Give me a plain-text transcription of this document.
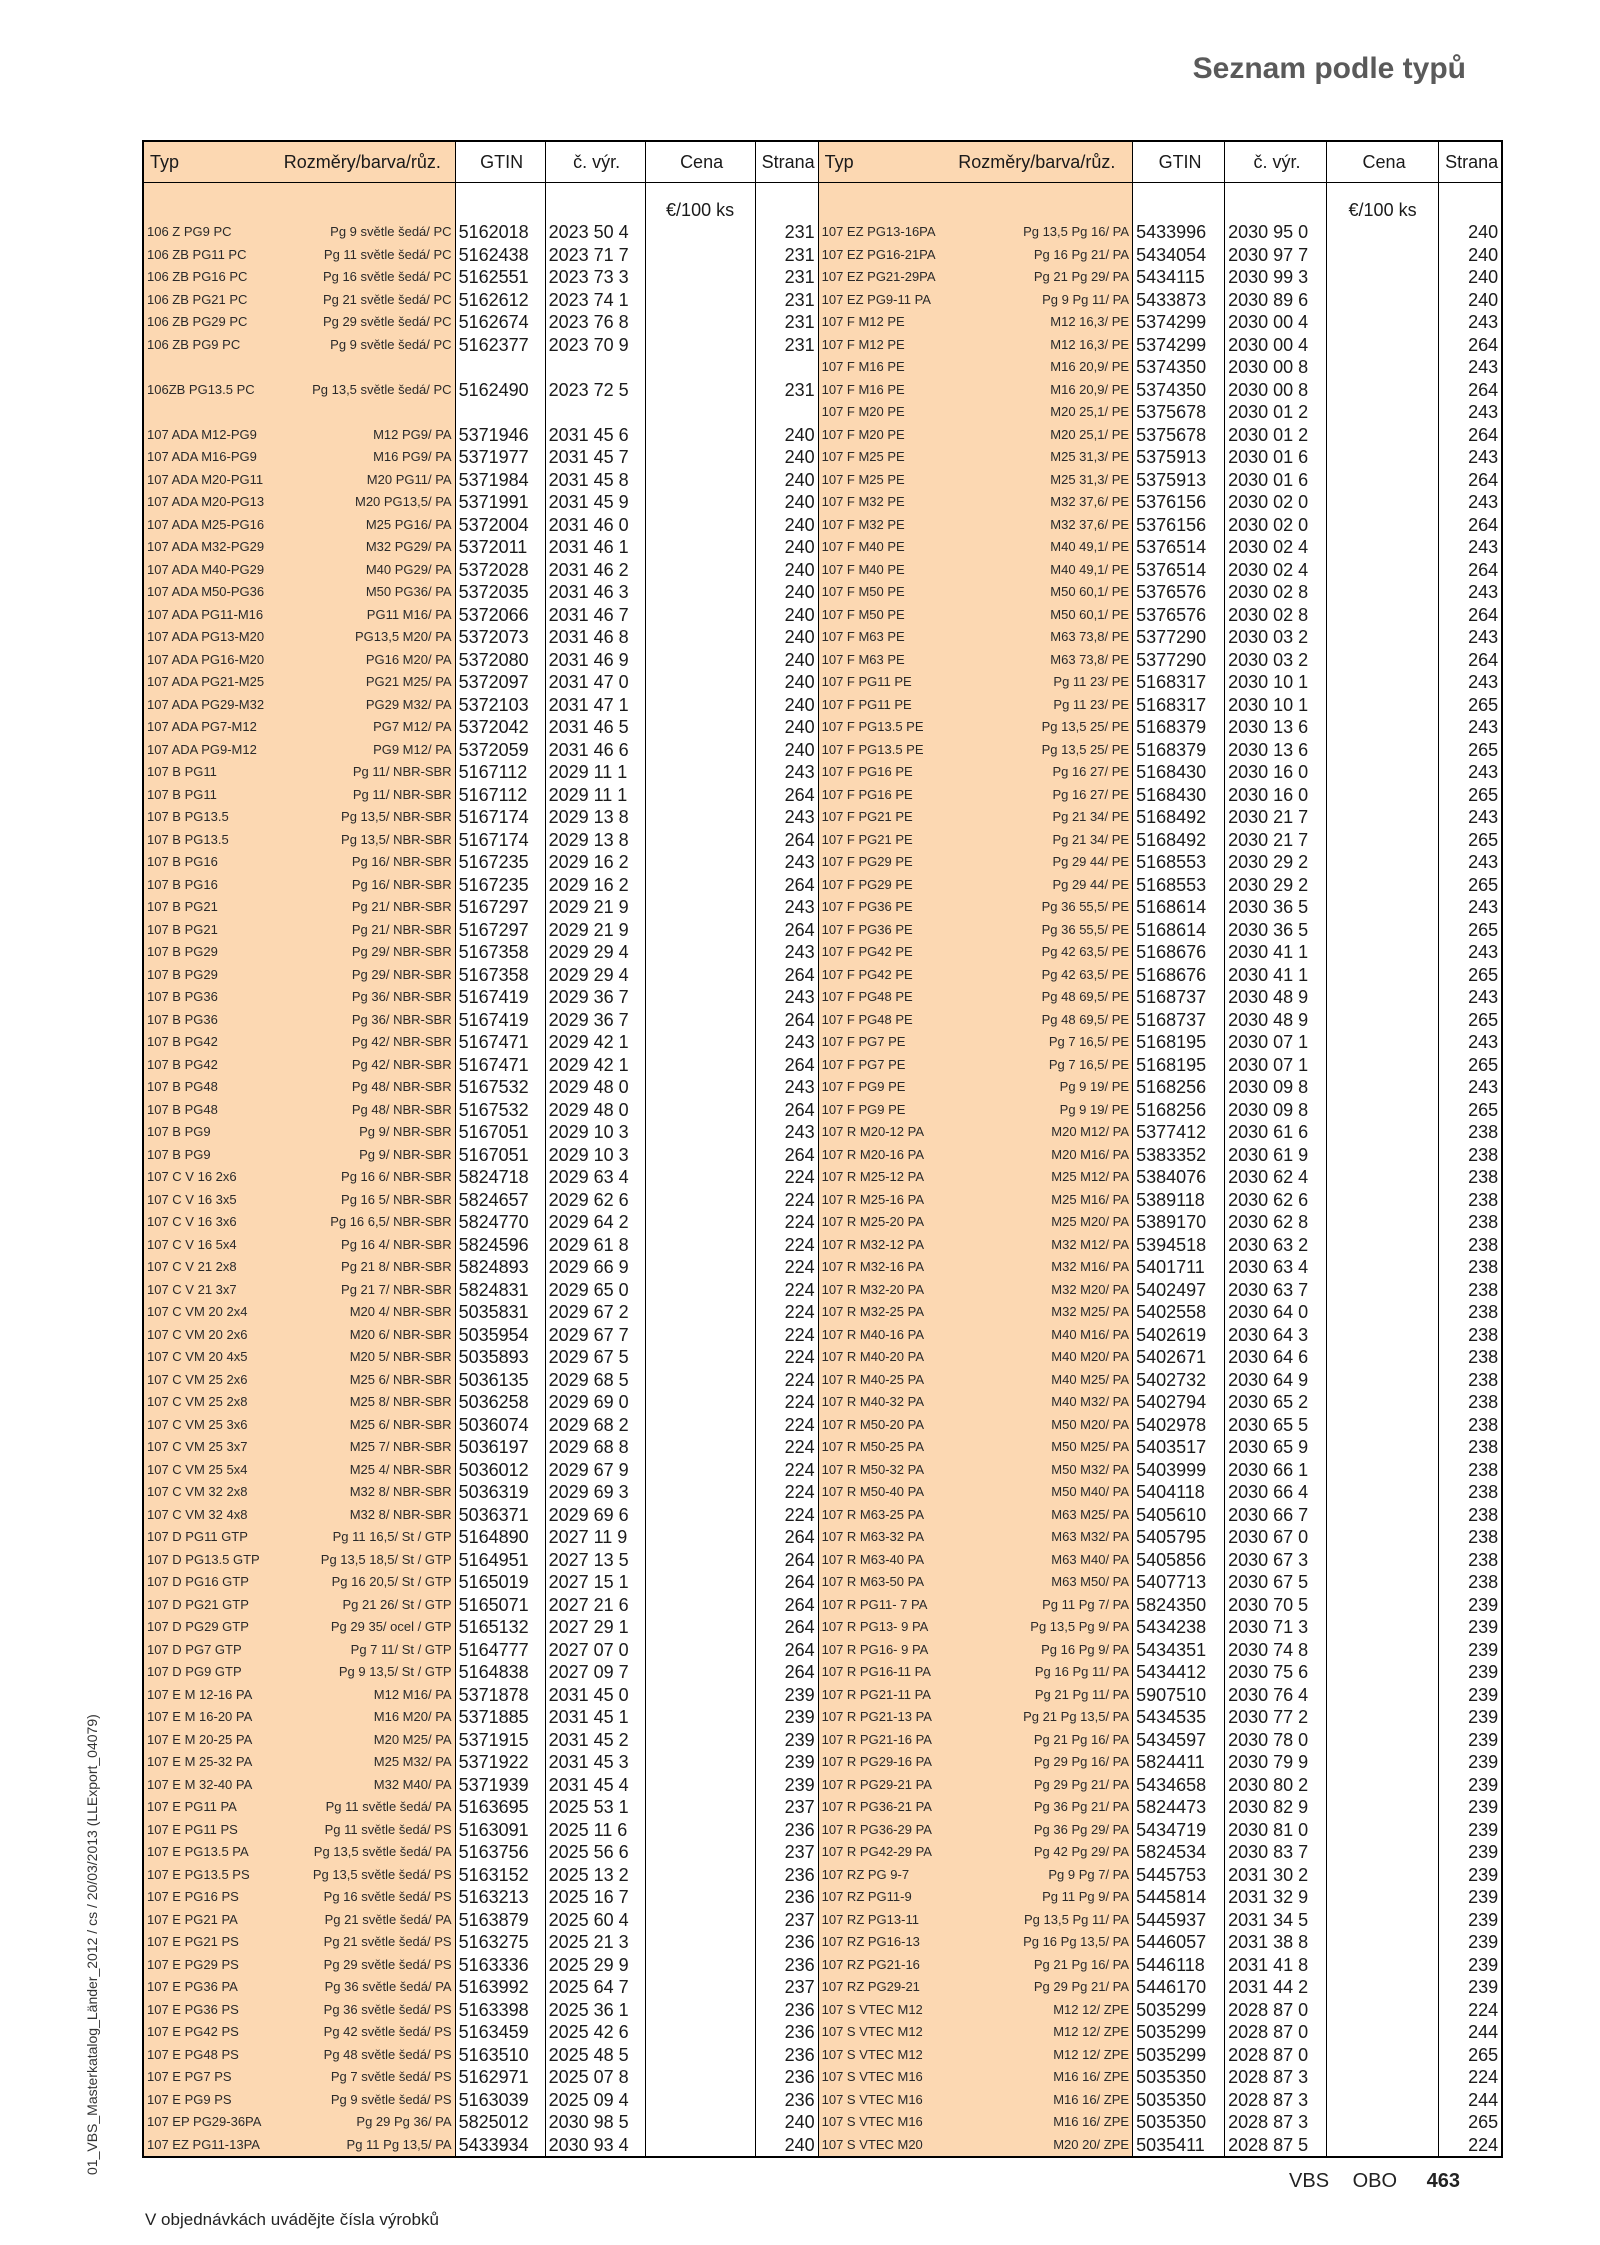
Seznam podle typů
01_VBS_Masterkatalog_Länder_2012 / cs / 20/03/2013 (LLExport_04079)
Typ	Rozměry/barva/růz.	GTIN	č. výr.	Cena	Strana	Typ	Rozměry/barva/růz.	GTIN	č. výr.	Cena	Strana
				€/100 ks						€/100 ks	
106 Z PG9 PC	Pg 9 světle šedá/ PC	5162018	2023 50 4		231	107 EZ PG13-16PA	Pg 13,5 Pg 16/ PA	5433996	2030 95 0		240
106 ZB PG11 PC	Pg 11 světle šedá/ PC	5162438	2023 71 7		231	107 EZ PG16-21PA	Pg 16 Pg 21/ PA	5434054	2030 97 7		240
106 ZB PG16 PC	Pg 16 světle šedá/ PC	5162551	2023 73 3		231	107 EZ PG21-29PA	Pg 21 Pg 29/ PA	5434115	2030 99 3		240
106 ZB PG21 PC	Pg 21 světle šedá/ PC	5162612	2023 74 1		231	107 EZ PG9-11 PA	Pg 9 Pg 11/ PA	5433873	2030 89 6		240
106 ZB PG29 PC	Pg 29 světle šedá/ PC	5162674	2023 76 8		231	107 F M12 PE	M12 16,3/ PE	5374299	2030 00 4		243
106 ZB PG9 PC	Pg 9 světle šedá/ PC	5162377	2023 70 9		231	107 F M12 PE	M12 16,3/ PE	5374299	2030 00 4		264
						107 F M16 PE	M16 20,9/ PE	5374350	2030 00 8		243
106ZB PG13.5 PC	Pg 13,5 světle šedá/ PC	5162490	2023 72 5		231	107 F M16 PE	M16 20,9/ PE	5374350	2030 00 8		264
						107 F M20 PE	M20 25,1/ PE	5375678	2030 01 2		243
107 ADA M12-PG9	M12 PG9/ PA	5371946	2031 45 6		240	107 F M20 PE	M20 25,1/ PE	5375678	2030 01 2		264
107 ADA M16-PG9	M16 PG9/ PA	5371977	2031 45 7		240	107 F M25 PE	M25 31,3/ PE	5375913	2030 01 6		243
107 ADA M20-PG11	M20 PG11/ PA	5371984	2031 45 8		240	107 F M25 PE	M25 31,3/ PE	5375913	2030 01 6		264
107 ADA M20-PG13	M20 PG13,5/ PA	5371991	2031 45 9		240	107 F M32 PE	M32 37,6/ PE	5376156	2030 02 0		243
107 ADA M25-PG16	M25 PG16/ PA	5372004	2031 46 0		240	107 F M32 PE	M32 37,6/ PE	5376156	2030 02 0		264
107 ADA M32-PG29	M32 PG29/ PA	5372011	2031 46 1		240	107 F M40 PE	M40 49,1/ PE	5376514	2030 02 4		243
107 ADA M40-PG29	M40 PG29/ PA	5372028	2031 46 2		240	107 F M40 PE	M40 49,1/ PE	5376514	2030 02 4		264
107 ADA M50-PG36	M50 PG36/ PA	5372035	2031 46 3		240	107 F M50 PE	M50 60,1/ PE	5376576	2030 02 8		243
107 ADA PG11-M16	PG11 M16/ PA	5372066	2031 46 7		240	107 F M50 PE	M50 60,1/ PE	5376576	2030 02 8		264
107 ADA PG13-M20	PG13,5 M20/ PA	5372073	2031 46 8		240	107 F M63 PE	M63 73,8/ PE	5377290	2030 03 2		243
107 ADA PG16-M20	PG16 M20/ PA	5372080	2031 46 9		240	107 F M63 PE	M63 73,8/ PE	5377290	2030 03 2		264
107 ADA PG21-M25	PG21 M25/ PA	5372097	2031 47 0		240	107 F PG11 PE	Pg 11 23/ PE	5168317	2030 10 1		243
107 ADA PG29-M32	PG29 M32/ PA	5372103	2031 47 1		240	107 F PG11 PE	Pg 11 23/ PE	5168317	2030 10 1		265
107 ADA PG7-M12	PG7 M12/ PA	5372042	2031 46 5		240	107 F PG13.5 PE	Pg 13,5 25/ PE	5168379	2030 13 6		243
107 ADA PG9-M12	PG9 M12/ PA	5372059	2031 46 6		240	107 F PG13.5 PE	Pg 13,5 25/ PE	5168379	2030 13 6		265
107 B PG11	Pg 11/ NBR-SBR	5167112	2029 11 1		243	107 F PG16 PE	Pg 16 27/ PE	5168430	2030 16 0		243
107 B PG11	Pg 11/ NBR-SBR	5167112	2029 11 1		264	107 F PG16 PE	Pg 16 27/ PE	5168430	2030 16 0		265
107 B PG13.5	Pg 13,5/ NBR-SBR	5167174	2029 13 8		243	107 F PG21 PE	Pg 21 34/ PE	5168492	2030 21 7		243
107 B PG13.5	Pg 13,5/ NBR-SBR	5167174	2029 13 8		264	107 F PG21 PE	Pg 21 34/ PE	5168492	2030 21 7		265
107 B PG16	Pg 16/ NBR-SBR	5167235	2029 16 2		243	107 F PG29 PE	Pg 29 44/ PE	5168553	2030 29 2		243
107 B PG16	Pg 16/ NBR-SBR	5167235	2029 16 2		264	107 F PG29 PE	Pg 29 44/ PE	5168553	2030 29 2		265
107 B PG21	Pg 21/ NBR-SBR	5167297	2029 21 9		243	107 F PG36 PE	Pg 36 55,5/ PE	5168614	2030 36 5		243
107 B PG21	Pg 21/ NBR-SBR	5167297	2029 21 9		264	107 F PG36 PE	Pg 36 55,5/ PE	5168614	2030 36 5		265
107 B PG29	Pg 29/ NBR-SBR	5167358	2029 29 4		243	107 F PG42 PE	Pg 42 63,5/ PE	5168676	2030 41 1		243
107 B PG29	Pg 29/ NBR-SBR	5167358	2029 29 4		264	107 F PG42 PE	Pg 42 63,5/ PE	5168676	2030 41 1		265
107 B PG36	Pg 36/ NBR-SBR	5167419	2029 36 7		243	107 F PG48 PE	Pg 48 69,5/ PE	5168737	2030 48 9		243
107 B PG36	Pg 36/ NBR-SBR	5167419	2029 36 7		264	107 F PG48 PE	Pg 48 69,5/ PE	5168737	2030 48 9		265
107 B PG42	Pg 42/ NBR-SBR	5167471	2029 42 1		243	107 F PG7 PE	Pg 7 16,5/ PE	5168195	2030 07 1		243
107 B PG42	Pg 42/ NBR-SBR	5167471	2029 42 1		264	107 F PG7 PE	Pg 7 16,5/ PE	5168195	2030 07 1		265
107 B PG48	Pg 48/ NBR-SBR	5167532	2029 48 0		243	107 F PG9 PE	Pg 9 19/ PE	5168256	2030 09 8		243
107 B PG48	Pg 48/ NBR-SBR	5167532	2029 48 0		264	107 F PG9 PE	Pg 9 19/ PE	5168256	2030 09 8		265
107 B PG9	Pg 9/ NBR-SBR	5167051	2029 10 3		243	107 R M20-12 PA	M20 M12/ PA	5377412	2030 61 6		238
107 B PG9	Pg 9/ NBR-SBR	5167051	2029 10 3		264	107 R M20-16 PA	M20 M16/ PA	5383352	2030 61 9		238
107 C V 16 2x6	Pg 16 6/ NBR-SBR	5824718	2029 63 4		224	107 R M25-12 PA	M25 M12/ PA	5384076	2030 62 4		238
107 C V 16 3x5	Pg 16 5/ NBR-SBR	5824657	2029 62 6		224	107 R M25-16 PA	M25 M16/ PA	5389118	2030 62 6		238
107 C V 16 3x6	Pg 16 6,5/ NBR-SBR	5824770	2029 64 2		224	107 R M25-20 PA	M25 M20/ PA	5389170	2030 62 8		238
107 C V 16 5x4	Pg 16 4/ NBR-SBR	5824596	2029 61 8		224	107 R M32-12 PA	M32 M12/ PA	5394518	2030 63 2		238
107 C V 21 2x8	Pg 21 8/ NBR-SBR	5824893	2029 66 9		224	107 R M32-16 PA	M32 M16/ PA	5401711	2030 63 4		238
107 C V 21 3x7	Pg 21 7/ NBR-SBR	5824831	2029 65 0		224	107 R M32-20 PA	M32 M20/ PA	5402497	2030 63 7		238
107 C VM 20 2x4	M20 4/ NBR-SBR	5035831	2029 67 2		224	107 R M32-25 PA	M32 M25/ PA	5402558	2030 64 0		238
107 C VM 20 2x6	M20 6/ NBR-SBR	5035954	2029 67 7		224	107 R M40-16 PA	M40 M16/ PA	5402619	2030 64 3		238
107 C VM 20 4x5	M20 5/ NBR-SBR	5035893	2029 67 5		224	107 R M40-20 PA	M40 M20/ PA	5402671	2030 64 6		238
107 C VM 25 2x6	M25 6/ NBR-SBR	5036135	2029 68 5		224	107 R M40-25 PA	M40 M25/ PA	5402732	2030 64 9		238
107 C VM 25 2x8	M25 8/ NBR-SBR	5036258	2029 69 0		224	107 R M40-32 PA	M40 M32/ PA	5402794	2030 65 2		238
107 C VM 25 3x6	M25 6/ NBR-SBR	5036074	2029 68 2		224	107 R M50-20 PA	M50 M20/ PA	5402978	2030 65 5		238
107 C VM 25 3x7	M25 7/ NBR-SBR	5036197	2029 68 8		224	107 R M50-25 PA	M50 M25/ PA	5403517	2030 65 9		238
107 C VM 25 5x4	M25 4/ NBR-SBR	5036012	2029 67 9		224	107 R M50-32 PA	M50 M32/ PA	5403999	2030 66 1		238
107 C VM 32 2x8	M32 8/ NBR-SBR	5036319	2029 69 3		224	107 R M50-40 PA	M50 M40/ PA	5404118	2030 66 4		238
107 C VM 32 4x8	M32 8/ NBR-SBR	5036371	2029 69 6		224	107 R M63-25 PA	M63 M25/ PA	5405610	2030 66 7		238
107 D PG11 GTP	Pg 11 16,5/ St / GTP	5164890	2027 11 9		264	107 R M63-32 PA	M63 M32/ PA	5405795	2030 67 0		238
107 D PG13.5 GTP	Pg 13,5 18,5/ St / GTP	5164951	2027 13 5		264	107 R M63-40 PA	M63 M40/ PA	5405856	2030 67 3		238
107 D PG16 GTP	Pg 16 20,5/ St / GTP	5165019	2027 15 1		264	107 R M63-50 PA	M63 M50/ PA	5407713	2030 67 5		238
107 D PG21 GTP	Pg 21 26/ St / GTP	5165071	2027 21 6		264	107 R PG11- 7 PA	Pg 11 Pg 7/ PA	5824350	2030 70 5		239
107 D PG29 GTP	Pg 29 35/ ocel / GTP	5165132	2027 29 1		264	107 R PG13- 9 PA	Pg 13,5 Pg 9/ PA	5434238	2030 71 3		239
107 D PG7 GTP	Pg 7 11/ St / GTP	5164777	2027 07 0		264	107 R PG16- 9 PA	Pg 16 Pg 9/ PA	5434351	2030 74 8		239
107 D PG9 GTP	Pg 9 13,5/ St / GTP	5164838	2027 09 7		264	107 R PG16-11 PA	Pg 16 Pg 11/ PA	5434412	2030 75 6		239
107 E M 12-16 PA	M12 M16/ PA	5371878	2031 45 0		239	107 R PG21-11 PA	Pg 21 Pg 11/ PA	5907510	2030 76 4		239
107 E M 16-20 PA	M16 M20/ PA	5371885	2031 45 1		239	107 R PG21-13 PA	Pg 21 Pg 13,5/ PA	5434535	2030 77 2		239
107 E M 20-25 PA	M20 M25/ PA	5371915	2031 45 2		239	107 R PG21-16 PA	Pg 21 Pg 16/ PA	5434597	2030 78 0		239
107 E M 25-32 PA	M25 M32/ PA	5371922	2031 45 3		239	107 R PG29-16 PA	Pg 29 Pg 16/ PA	5824411	2030 79 9		239
107 E M 32-40 PA	M32 M40/ PA	5371939	2031 45 4		239	107 R PG29-21 PA	Pg 29 Pg 21/ PA	5434658	2030 80 2		239
107 E PG11 PA	Pg 11 světle šedá/ PA	5163695	2025 53 1		237	107 R PG36-21 PA	Pg 36 Pg 21/ PA	5824473	2030 82 9		239
107 E PG11 PS	Pg 11 světle šedá/ PS	5163091	2025 11 6		236	107 R PG36-29 PA	Pg 36 Pg 29/ PA	5434719	2030 81 0		239
107 E PG13.5 PA	Pg 13,5 světle šedá/ PA	5163756	2025 56 6		237	107 R PG42-29 PA	Pg 42 Pg 29/ PA	5824534	2030 83 7		239
107 E PG13.5 PS	Pg 13,5 světle šedá/ PS	5163152	2025 13 2		236	107 RZ PG 9-7	Pg 9 Pg 7/ PA	5445753	2031 30 2		239
107 E PG16 PS	Pg 16 světle šedá/ PS	5163213	2025 16 7		236	107 RZ PG11-9	Pg 11 Pg 9/ PA	5445814	2031 32 9		239
107 E PG21 PA	Pg 21 světle šedá/ PA	5163879	2025 60 4		237	107 RZ PG13-11	Pg 13,5 Pg 11/ PA	5445937	2031 34 5		239
107 E PG21 PS	Pg 21 světle šedá/ PS	5163275	2025 21 3		236	107 RZ PG16-13	Pg 16 Pg 13,5/ PA	5446057	2031 38 8		239
107 E PG29 PS	Pg 29 světle šedá/ PS	5163336	2025 29 9		236	107 RZ PG21-16	Pg 21 Pg 16/ PA	5446118	2031 41 8		239
107 E PG36 PA	Pg 36 světle šedá/ PA	5163992	2025 64 7		237	107 RZ PG29-21	Pg 29 Pg 21/ PA	5446170	2031 44 2		239
107 E PG36 PS	Pg 36 světle šedá/ PS	5163398	2025 36 1		236	107 S VTEC M12	M12 12/ ZPE	5035299	2028 87 0		224
107 E PG42 PS	Pg 42 světle šedá/ PS	5163459	2025 42 6		236	107 S VTEC M12	M12 12/ ZPE	5035299	2028 87 0		244
107 E PG48 PS	Pg 48 světle šedá/ PS	5163510	2025 48 5		236	107 S VTEC M12	M12 12/ ZPE	5035299	2028 87 0		265
107 E PG7 PS	Pg 7 světle šedá/ PS	5162971	2025 07 8		236	107 S VTEC M16	M16 16/ ZPE	5035350	2028 87 3		224
107 E PG9 PS	Pg 9 světle šedá/ PS	5163039	2025 09 4		236	107 S VTEC M16	M16 16/ ZPE	5035350	2028 87 3		244
107 EP PG29-36PA	Pg 29 Pg 36/ PA	5825012	2030 98 5		240	107 S VTEC M16	M16 16/ ZPE	5035350	2028 87 3		265
107 EZ PG11-13PA	Pg 11 Pg 13,5/ PA	5433934	2030 93 4		240	107 S VTEC M20	M20 20/ ZPE	5035411	2028 87 5		224
V objednávkách uvádějte čísla výrobků
VBS OBO 463
